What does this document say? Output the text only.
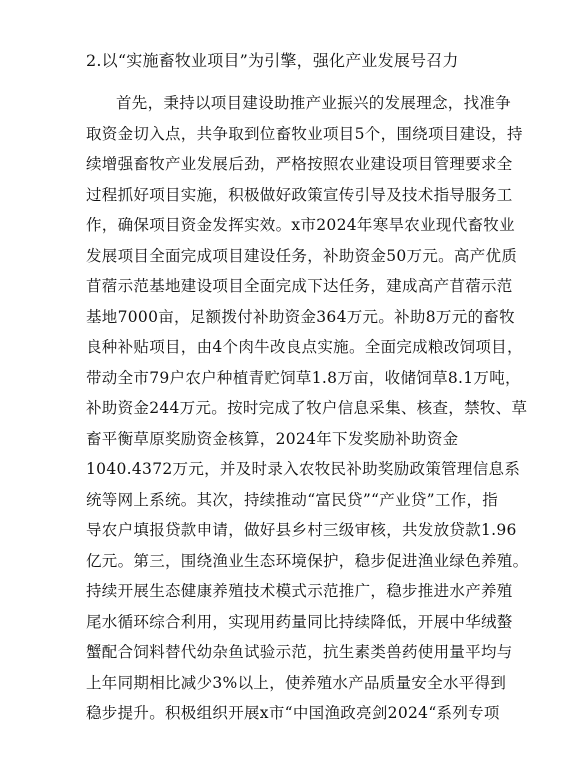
2.以“实施畜牧业项目”为引擎，强化产业发展号召力
首先，秉持以项目建设助推产业振兴的发展理念，找准争
取资金切入点，共争取到位畜牧业项目5个，围绕项目建设，持
续增强畜牧产业发展后劲，严格按照农业建设项目管理要求全
过程抓好项目实施，积极做好政策宣传引导及技术指导服务工
作，确保项目资金发挥实效。x市2024年寒旱农业现代畜牧业
发展项目全面完成项目建设任务，补助资金50万元。高产优质
苜蓿示范基地建设项目全面完成下达任务，建成高产苜蓿示范
基地7000亩，足额拨付补助资金364万元。补助8万元的畜牧
良种补贴项目，由4个肉牛改良点实施。全面完成粮改饲项目，
带动全市79户农户种植青贮饲草1.8万亩，收储饲草8.1万吨，
补助资金244万元。按时完成了牧户信息采集、核查，禁牧、草
畜平衡草原奖励资金核算，2024年下发奖励补助资金
1040.4372万元，并及时录入农牧民补助奖励政策管理信息系
统等网上系统。其次，持续推动“富民贷”“产业贷”工作，指
导农户填报贷款申请，做好县乡村三级审核，共发放贷款1.96
亿元。第三，围绕渔业生态环境保护，稳步促进渔业绿色养殖。
持续开展生态健康养殖技术模式示范推广，稳步推进水产养殖
尾水循环综合利用，实现用药量同比持续降低，开展中华绒螯
蟹配合饲料替代幼杂鱼试验示范，抗生素类兽药使用量平均与
上年同期相比减少3%以上，使养殖水产品质量安全水平得到
稳步提升。积极组织开展x市“中国渔政亮剑2024“系列专项
